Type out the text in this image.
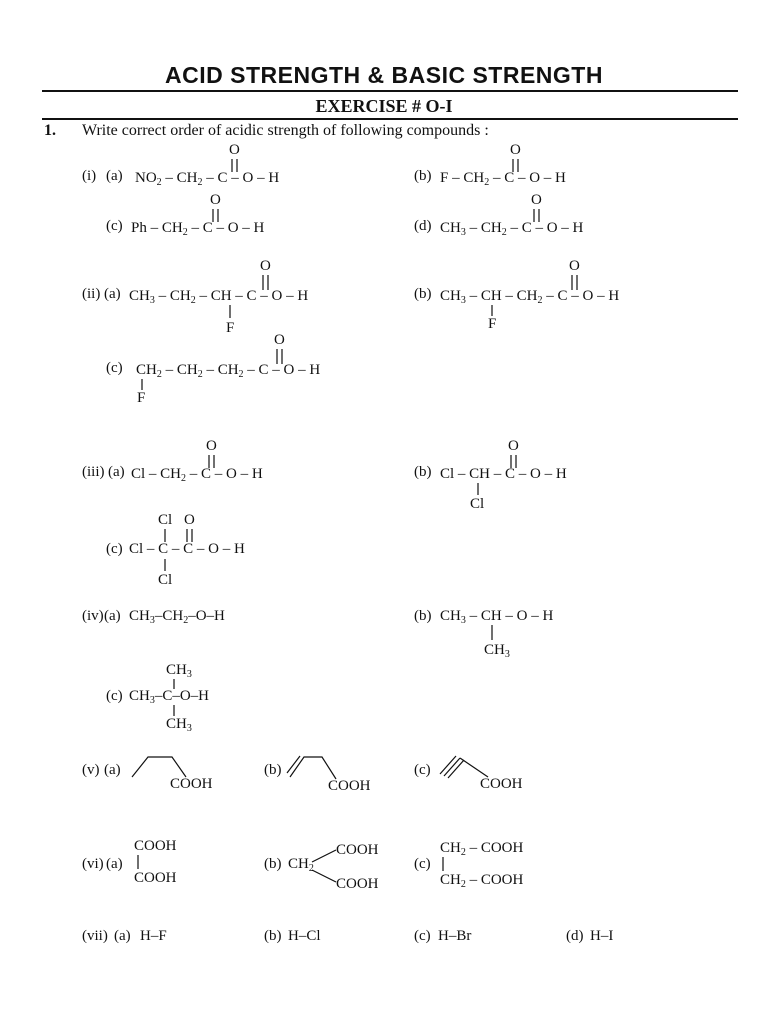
ACID STRENGTH & BASIC STRENGTH
EXERCISE # O-I
1. Write correct order of acidic strength of following compounds :
(i) (a) $NO_2 - CH_2$ – C – O – H
O
(b) F – $CH_2$ – C – O – H
O
(c) Ph – $CH_2$ – C – O – H
O
(d) $CH_3 - CH_2$ – C – O – H
O
(ii) (a) $CH_3 - CH_2$ – CH – C – O – H
O
F
(b) $CH_3$ – CH – $CH_2$ – C – O – H
O
F
(c) $CH_2 - CH_2 - CH_2$ – C – O – H
O
F
(iii) (a) Cl – $CH_2$ – C – O – H
O
(b) Cl – CH – C – O – H
O
Cl
Cl O
(c) Cl – C – C – O – H
Cl
(iv) (a) $CH_3-CH_2-O-H$	(b) $CH_3$ – CH – O – H
$CH_3$
$CH_3$
(c) $CH_3-C-O-H$
$CH_3$
(v) (a)
COOH
(b)
COOH
(c)
COOH
(vi) (a)
COOH
COOH
(b) $CH_2$
COOH
COOH
(c)
$CH_2$ – COOH
$CH_2$ – COOH
(vii) (a) H–F	(b) H–Cl	(c) H–Br	(d) H–I
